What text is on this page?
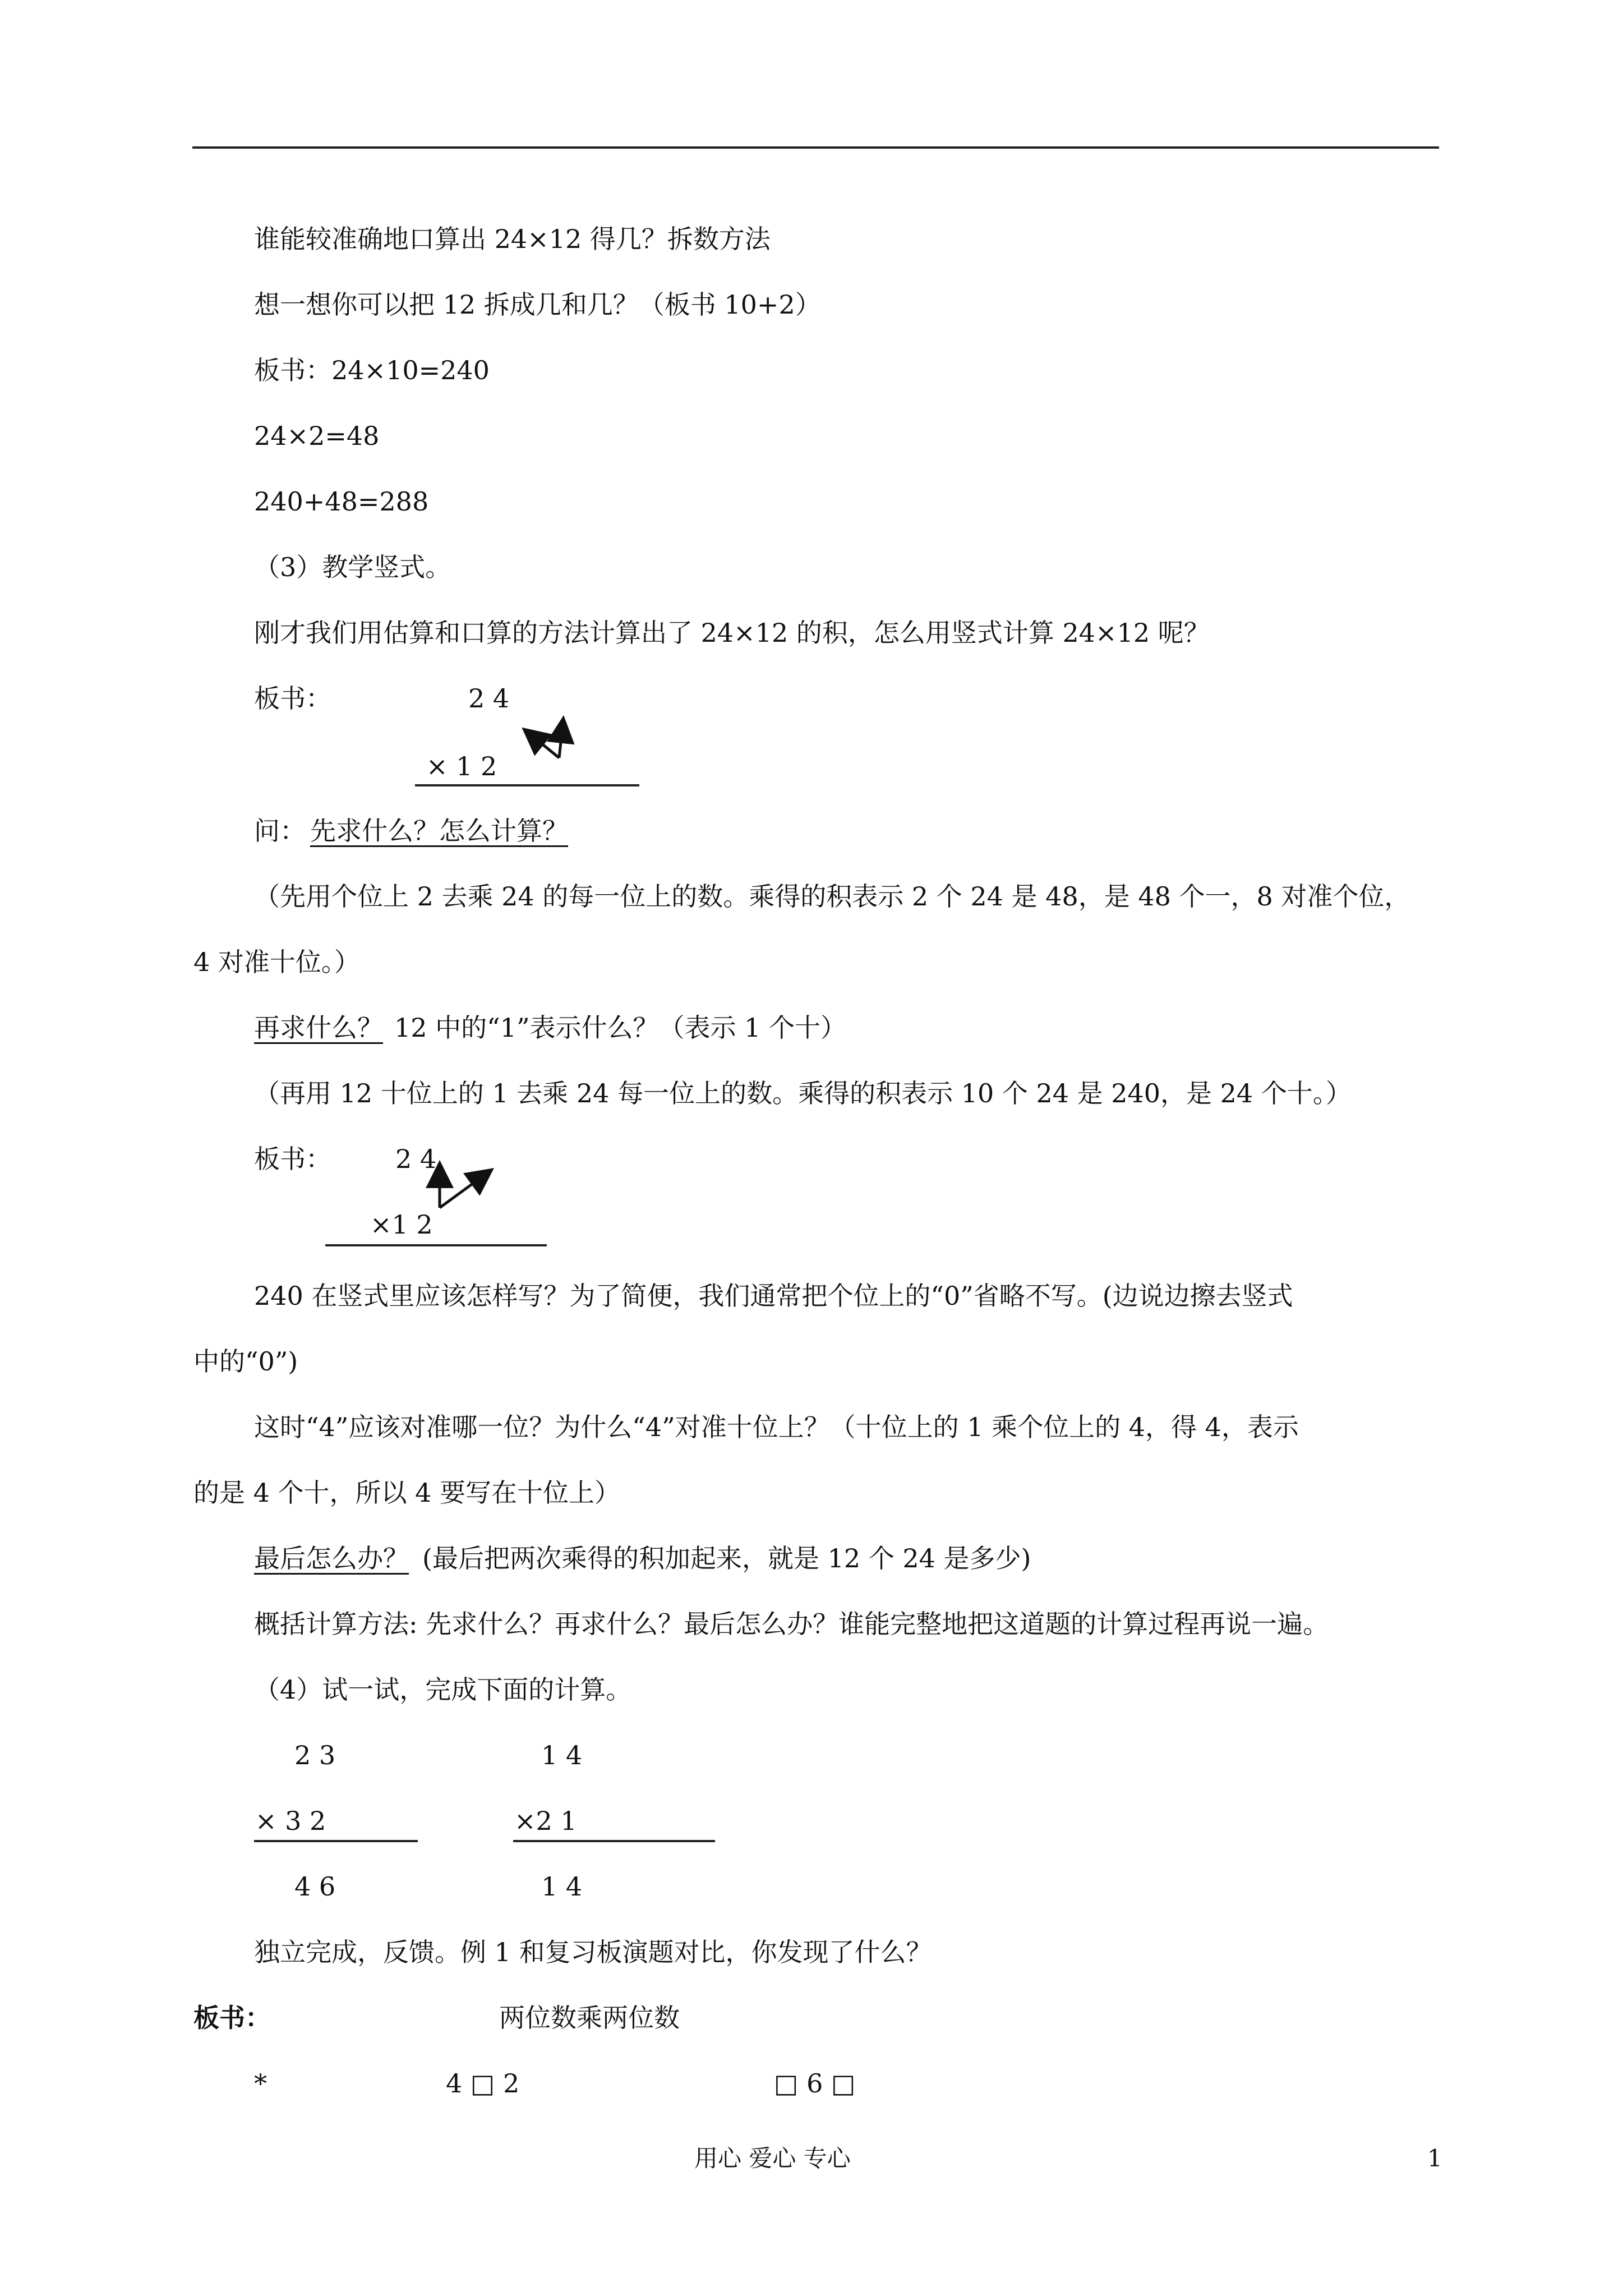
谁能较准确地口算出 24×12 得几？拆数方法
想一想你可以把 12 拆成几和几？（板书 10+2）
板书：24×10=240
24×2=48
240+48=288
（3）教学竖式。
刚才我们用估算和口算的方法计算出了 24×12 的积，怎么用竖式计算 24×12 呢？
板书：	2 4
× 1 2
问： 先求什么？怎么计算？
（先用个位上 2 去乘 24 的每一位上的数。乘得的积表示 2 个 24 是 48，是 48 个一，8 对准个位，
4 对准十位。）
再求什么？ 12 中的“1”表示什么？（表示 1 个十）
（再用 12 十位上的 1 去乘 24 每一位上的数。乘得的积表示 10 个 24 是 240，是 24 个十。）
板书： 2 4
×1 2
240 在竖式里应该怎样写？为了简便，我们通常把个位上的“0”省略不写。(边说边擦去竖式
中的“0”)
这时“4”应该对准哪一位？为什么“4”对准十位上？（十位上的 1 乘个位上的 4，得 4，表示
的是 4 个十，所以 4 要写在十位上）
最后怎么办？ (最后把两次乘得的积加起来，就是 12 个 24 是多少)
概括计算方法: 先求什么？再求什么？最后怎么办？谁能完整地把这道题的计算过程再说一遍。
（4）试一试，完成下面的计算。
2 3
× 3 2
4 6
1 4
×2 1
1 4
独立完成，反馈。例 1 和复习板演题对比，你发现了什么？
板书：	两位数乘两位数
*	4 □ 2	□ 6 □
用心 爱心 专心	1
